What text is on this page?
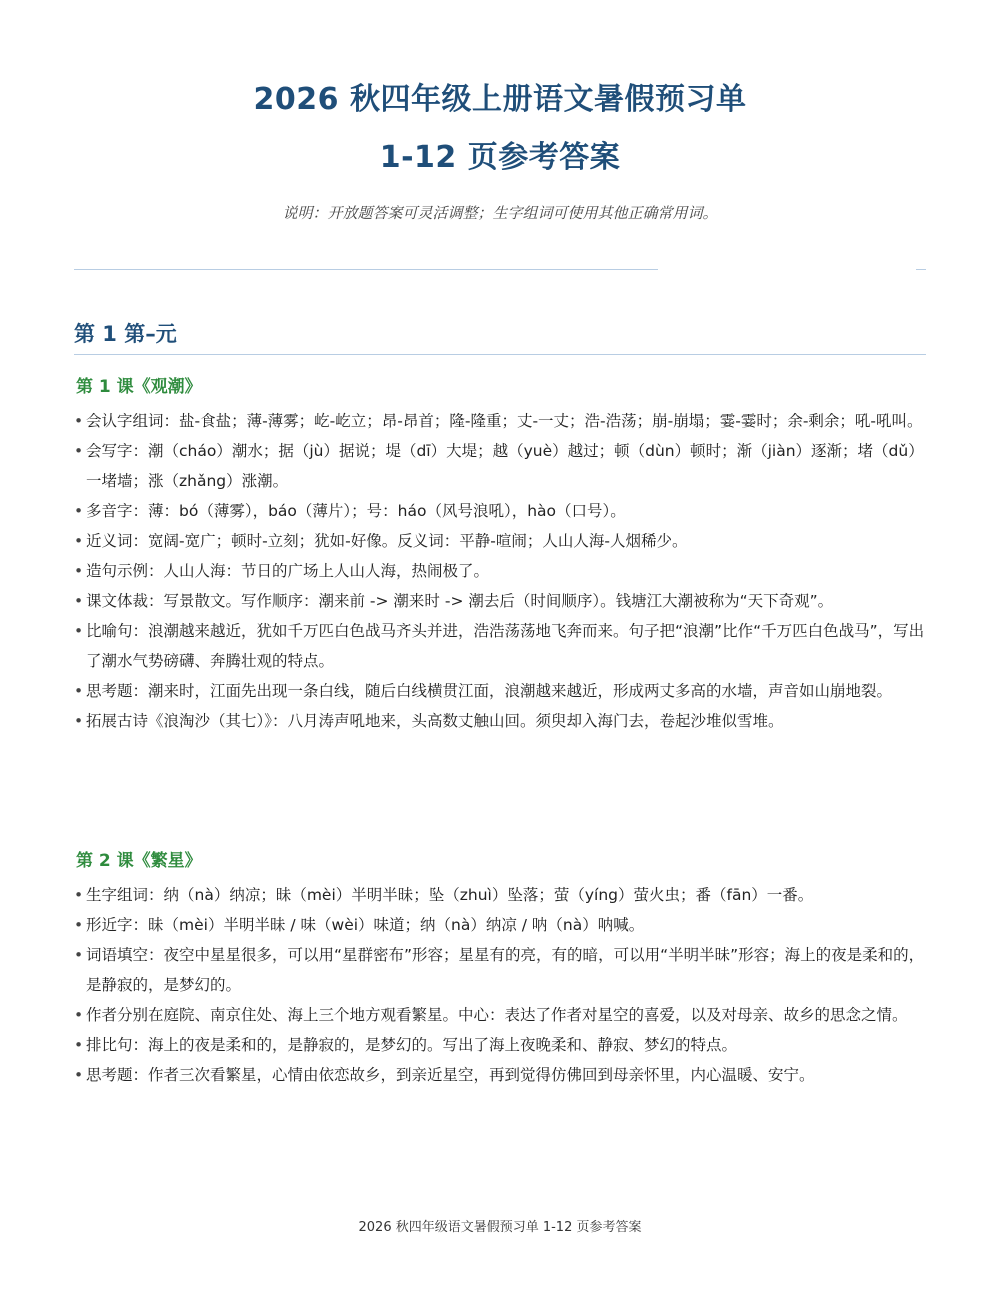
2026 秋四年级上册语文暑假预习单
1-12 页参考答案
说明：开放题答案可灵活调整；生字组词可使用其他正确常用词。
第 1 第–元
第 1 课《观潮》
• 会认字组词：盐-食盐；薄-薄雾；屹-屹立；昂-昂首；隆-隆重；丈-一丈；浩-浩荡；崩-崩塌；霎-霎时；余-剩余；吼-吼叫。
• 会写字：潮（cháo）潮水；据（jù）据说；堤（dī）大堤；越（yuè）越过；顿（dùn）顿时；渐（jiàn）逐渐；堵（dǔ）一堵墙；涨（zhǎng）涨潮。
• 多音字：薄：bó（薄雾），báo（薄片）；号：háo（风号浪吼），hào（口号）。
• 近义词：宽阔-宽广；顿时-立刻；犹如-好像。反义词：平静-喧闹；人山人海-人烟稀少。
• 造句示例：人山人海：节日的广场上人山人海，热闹极了。
• 课文体裁：写景散文。写作顺序：潮来前 -> 潮来时 -> 潮去后（时间顺序）。钱塘江大潮被称为“天下奇观”。
• 比喻句：浪潮越来越近，犹如千万匹白色战马齐头并进，浩浩荡荡地飞奔而来。句子把“浪潮”比作“千万匹白色战马”，写出了潮水气势磅礴、奔腾壮观的特点。
• 思考题：潮来时，江面先出现一条白线，随后白线横贯江面，浪潮越来越近，形成两丈多高的水墙，声音如山崩地裂。
• 拓展古诗《浪淘沙（其七）》：八月涛声吼地来，头高数丈触山回。须臾却入海门去，卷起沙堆似雪堆。
第 2 课《繁星》
• 生字组词：纳（nà）纳凉；昧（mèi）半明半昧；坠（zhuì）坠落；萤（yíng）萤火虫；番（fān）一番。
• 形近字：昧（mèi）半明半昧 / 味（wèi）味道；纳（nà）纳凉 / 呐（nà）呐喊。
• 词语填空：夜空中星星很多，可以用“星群密布”形容；星星有的亮，有的暗，可以用“半明半昧”形容；海上的夜是柔和的，是静寂的，是梦幻的。
• 作者分别在庭院、南京住处、海上三个地方观看繁星。中心：表达了作者对星空的喜爱，以及对母亲、故乡的思念之情。
• 排比句：海上的夜是柔和的，是静寂的，是梦幻的。写出了海上夜晚柔和、静寂、梦幻的特点。
• 思考题：作者三次看繁星，心情由依恋故乡，到亲近星空，再到觉得仿佛回到母亲怀里，内心温暖、安宁。
2026 秋四年级语文暑假预习单 1-12 页参考答案
